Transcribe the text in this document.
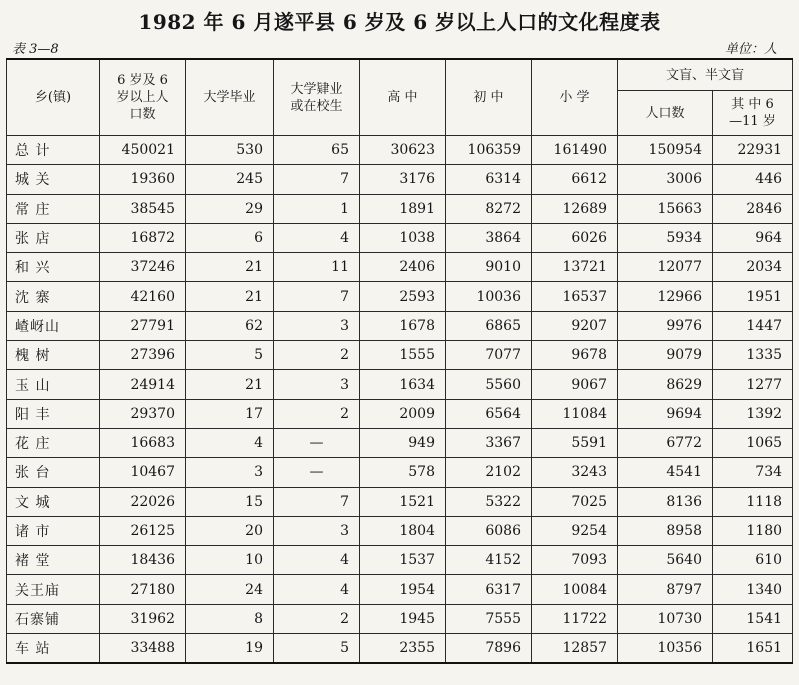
1982 年 6 月遂平县 6 岁及 6 岁以上人口的文化程度表
表 3—8	单位：人
乡(镇)	6 岁及 6 岁以上人口数	大学毕业	大学肄业或在校生	高 中	初 中	小 学	文盲、半文盲	
							人口数	其 中 6—11 岁
总 计	450021	530	65	30623	106359	161490	150954	22931
城 关	19360	245	7	3176	6314	6612	3006	446
常 庄	38545	29	1	1891	8272	12689	15663	2846
张 店	16872	6	4	1038	3864	6026	5934	964
和 兴	37246	21	11	2406	9010	13721	12077	2034
沈 寨	42160	21	7	2593	10036	16537	12966	1951
嵖岈山	27791	62	3	1678	6865	9207	9976	1447
槐 树	27396	5	2	1555	7077	9678	9079	1335
玉 山	24914	21	3	1634	5560	9067	8629	1277
阳 丰	29370	17	2	2009	6564	11084	9694	1392
花 庄	16683	4	—	949	3367	5591	6772	1065
张 台	10467	3	—	578	2102	3243	4541	734
文 城	22026	15	7	1521	5322	7025	8136	1118
诸 市	26125	20	3	1804	6086	9254	8958	1180
褚 堂	18436	10	4	1537	4152	7093	5640	610
关王庙	27180	24	4	1954	6317	10084	8797	1340
石寨铺	31962	8	2	1945	7555	11722	10730	1541
车 站	33488	19	5	2355	7896	12857	10356	1651
